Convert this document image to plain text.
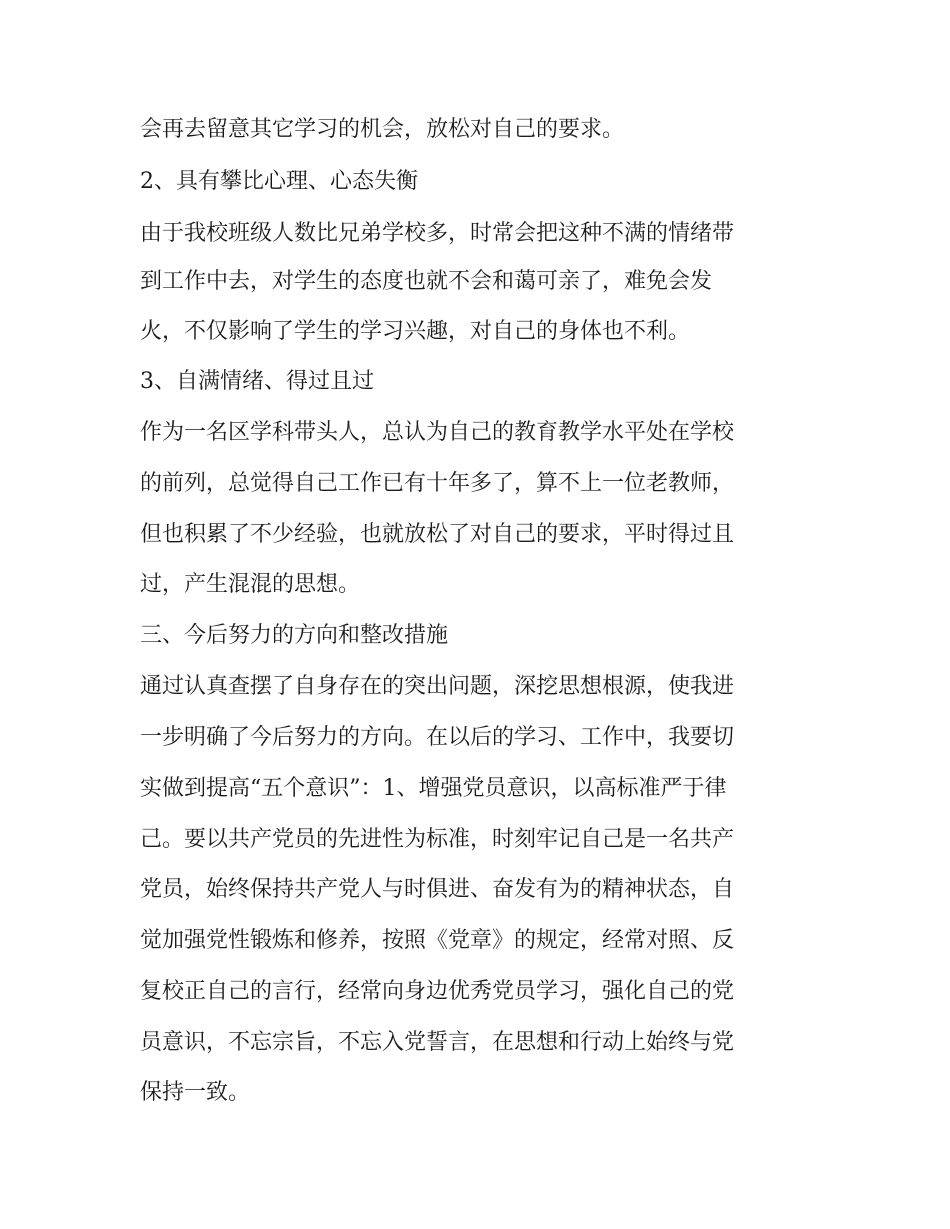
会再去留意其它学习的机会，放松对自己的要求。
2、具有攀比心理、心态失衡
由于我校班级人数比兄弟学校多，时常会把这种不满的情绪带
到工作中去，对学生的态度也就不会和蔼可亲了，难免会发
火，不仅影响了学生的学习兴趣，对自己的身体也不利。
3、自满情绪、得过且过
作为一名区学科带头人，总认为自己的教育教学水平处在学校
的前列，总觉得自己工作已有十年多了，算不上一位老教师，
但也积累了不少经验，也就放松了对自己的要求，平时得过且
过，产生混混的思想。
三、今后努力的方向和整改措施
通过认真查摆了自身存在的突出问题，深挖思想根源，使我进
一步明确了今后努力的方向。在以后的学习、工作中，我要切
实做到提高“五个意识”：1、增强党员意识，以高标准严于律
己。要以共产党员的先进性为标准，时刻牢记自己是一名共产
党员，始终保持共产党人与时俱进、奋发有为的精神状态，自
觉加强党性锻炼和修养，按照《党章》的规定，经常对照、反
复校正自己的言行，经常向身边优秀党员学习，强化自己的党
员意识，不忘宗旨，不忘入党誓言，在思想和行动上始终与党
保持一致。
